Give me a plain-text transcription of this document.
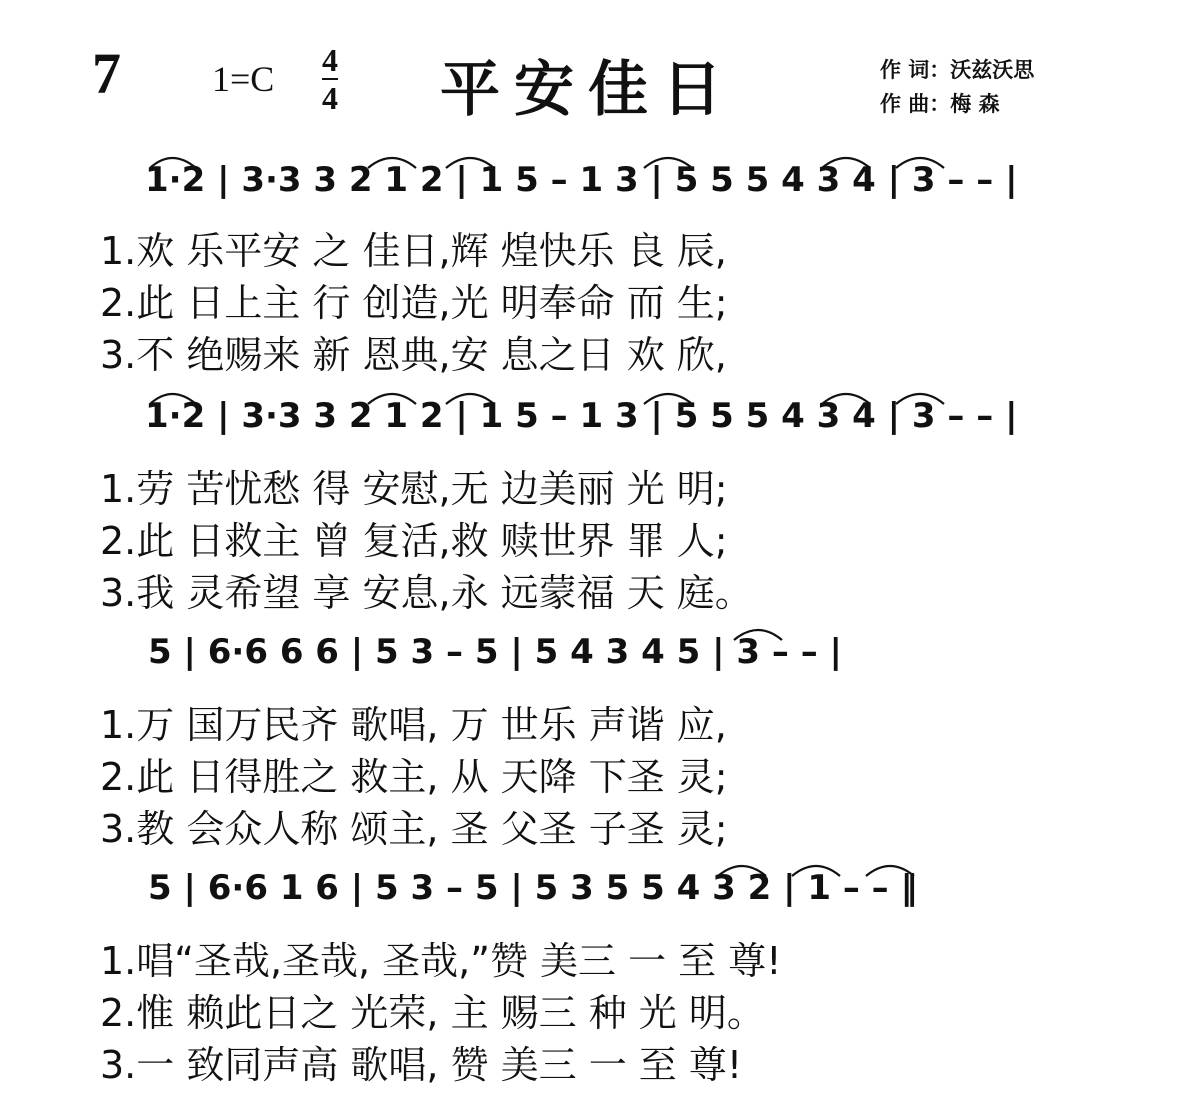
7	1=C 4
4 平安佳日	作 词：沃兹沃思
作 曲：梅 森
1·2 | 3·3 3 2 1 2 | 1 5 – 1 3 | 5 5 5 4 3 4 | 3 – – |
1.欢 乐平安 之 佳日,辉 煌快乐 良 辰,
2.此 日上主 行 创造,光 明奉命 而 生;
3.不 绝赐来 新 恩典,安 息之日 欢 欣,
1·2 | 3·3 3 2 1 2 | 1 5 – 1 3 | 5 5 5 4 3 4 | 3 – – |
1.劳 苦忧愁 得 安慰,无 边美丽 光 明;
2.此 日救主 曾 复活,救 赎世界 罪 人;
3.我 灵希望 享 安息,永 远蒙福 天 庭。
5 | 6·6 6 6 | 5 3 – 5 | 5 4 3 4 5 | 3 – – |
1.万 国万民齐 歌唱, 万 世乐 声谐 应,
2.此 日得胜之 救主, 从 天降 下圣 灵;
3.教 会众人称 颂主, 圣 父圣 子圣 灵;
5 | 6·6 1 6 | 5 3 – 5 | 5 3 5 5 4 3 2 | 1 – – ‖
1.唱“圣哉,圣哉, 圣哉,”赞 美三 一 至 尊!
2.惟 赖此日之 光荣, 主 赐三 种 光 明。
3.一 致同声高 歌唱, 赞 美三 一 至 尊!
